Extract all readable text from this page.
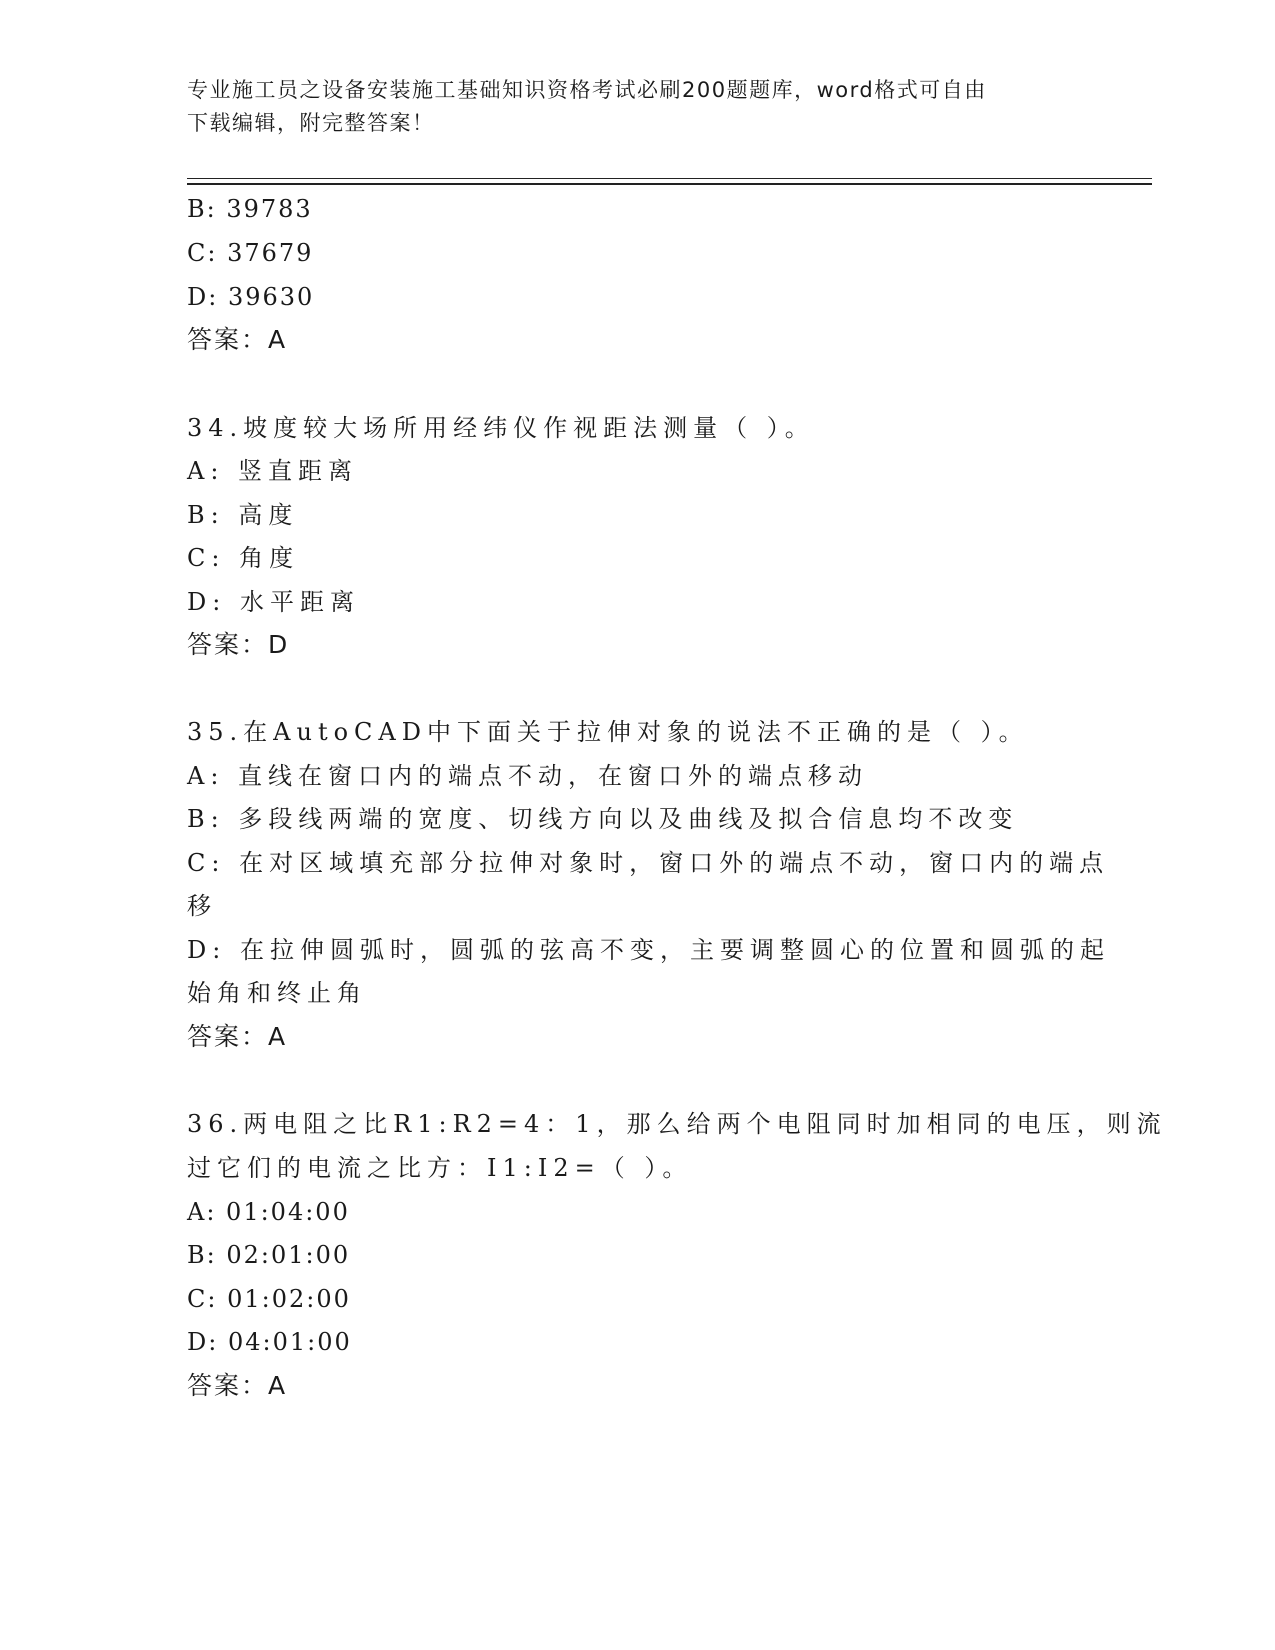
专业施工员之设备安装施工基础知识资格考试必刷200题题库，word格式可自由
下载编辑，附完整答案！
B: 39783
C: 37679
D: 39630
答案：A
34.坡度较大场所用经纬仪作视距法测量（ ）。
A: 竖直距离
B: 高度
C: 角度
D: 水平距离
答案：D
35.在AutoCAD中下面关于拉伸对象的说法不正确的是（ ）。
A: 直线在窗口内的端点不动，在窗口外的端点移动
B: 多段线两端的宽度、切线方向以及曲线及拟合信息均不改变
C: 在对区域填充部分拉伸对象时，窗口外的端点不动，窗口内的端点
移
D: 在拉伸圆弧时，圆弧的弦高不变，主要调整圆心的位置和圆弧的起
始角和终止角
答案：A
36.两电阻之比R1:R2=4：1，那么给两个电阻同时加相同的电压，则流
过它们的电流之比方：I1:I2=（ ）。
A: 01:04:00
B: 02:01:00
C: 01:02:00
D: 04:01:00
答案：A
